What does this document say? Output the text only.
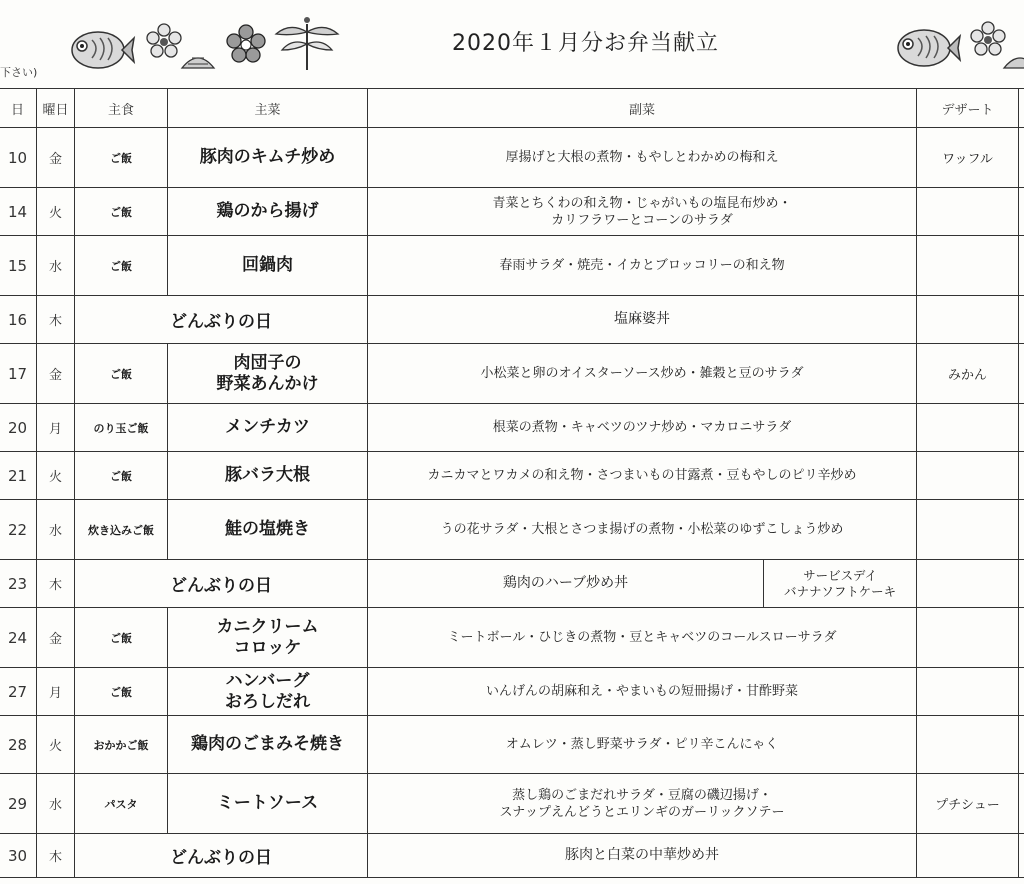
下さい)
2020年１月分お弁当献立
日	曜日	主食	主菜	副菜		デザート	
10	金	ご飯	豚肉のキムチ炒め	厚揚げと大根の煮物・もやしとわかめの梅和え		ワッフル	
14	火	ご飯	鶏のから揚げ	青菜とちくわの和え物・じゃがいもの塩昆布炒め・
カリフラワーとコーンのサラダ			

15	水	ご飯	回鍋肉	春雨サラダ・焼売・イカとブロッコリーの和え物			
16	木	どんぶりの日		塩麻婆丼			
17	金	ご飯	肉団子の
野菜あんかけ	小松菜と卵のオイスターソース炒め・雑穀と豆のサラダ		みかん	
20	月	のり玉ご飯	メンチカツ	根菜の煮物・キャベツのツナ炒め・マカロニサラダ			
21	火	ご飯	豚バラ大根	カニカマとワカメの和え物・さつまいもの甘露煮・豆もやしのピリ辛炒め			
22	水	炊き込みご飯	鮭の塩焼き	うの花サラダ・大根とさつま揚げの煮物・小松菜のゆずこしょう炒め			
23	木	どんぶりの日		鶏肉のハーブ炒め丼	サービスデイ
バナナソフトケーキ		

24	金	ご飯	カニクリーム
コロッケ	ミートボール・ひじきの煮物・豆とキャベツのコールスローサラダ			
27	月	ご飯	ハンバーグ
おろしだれ	いんげんの胡麻和え・やまいもの短冊揚げ・甘酢野菜			
28	火	おかかご飯	鶏肉のごまみそ焼き	オムレツ・蒸し野菜サラダ・ピリ辛こんにゃく			
29	水	パスタ	ミートソース	蒸し鶏のごまだれサラダ・豆腐の磯辺揚げ・
スナップえんどうとエリンギのガーリックソテー		プチシュー	
30	木	どんぶりの日		豚肉と白菜の中華炒め丼			
